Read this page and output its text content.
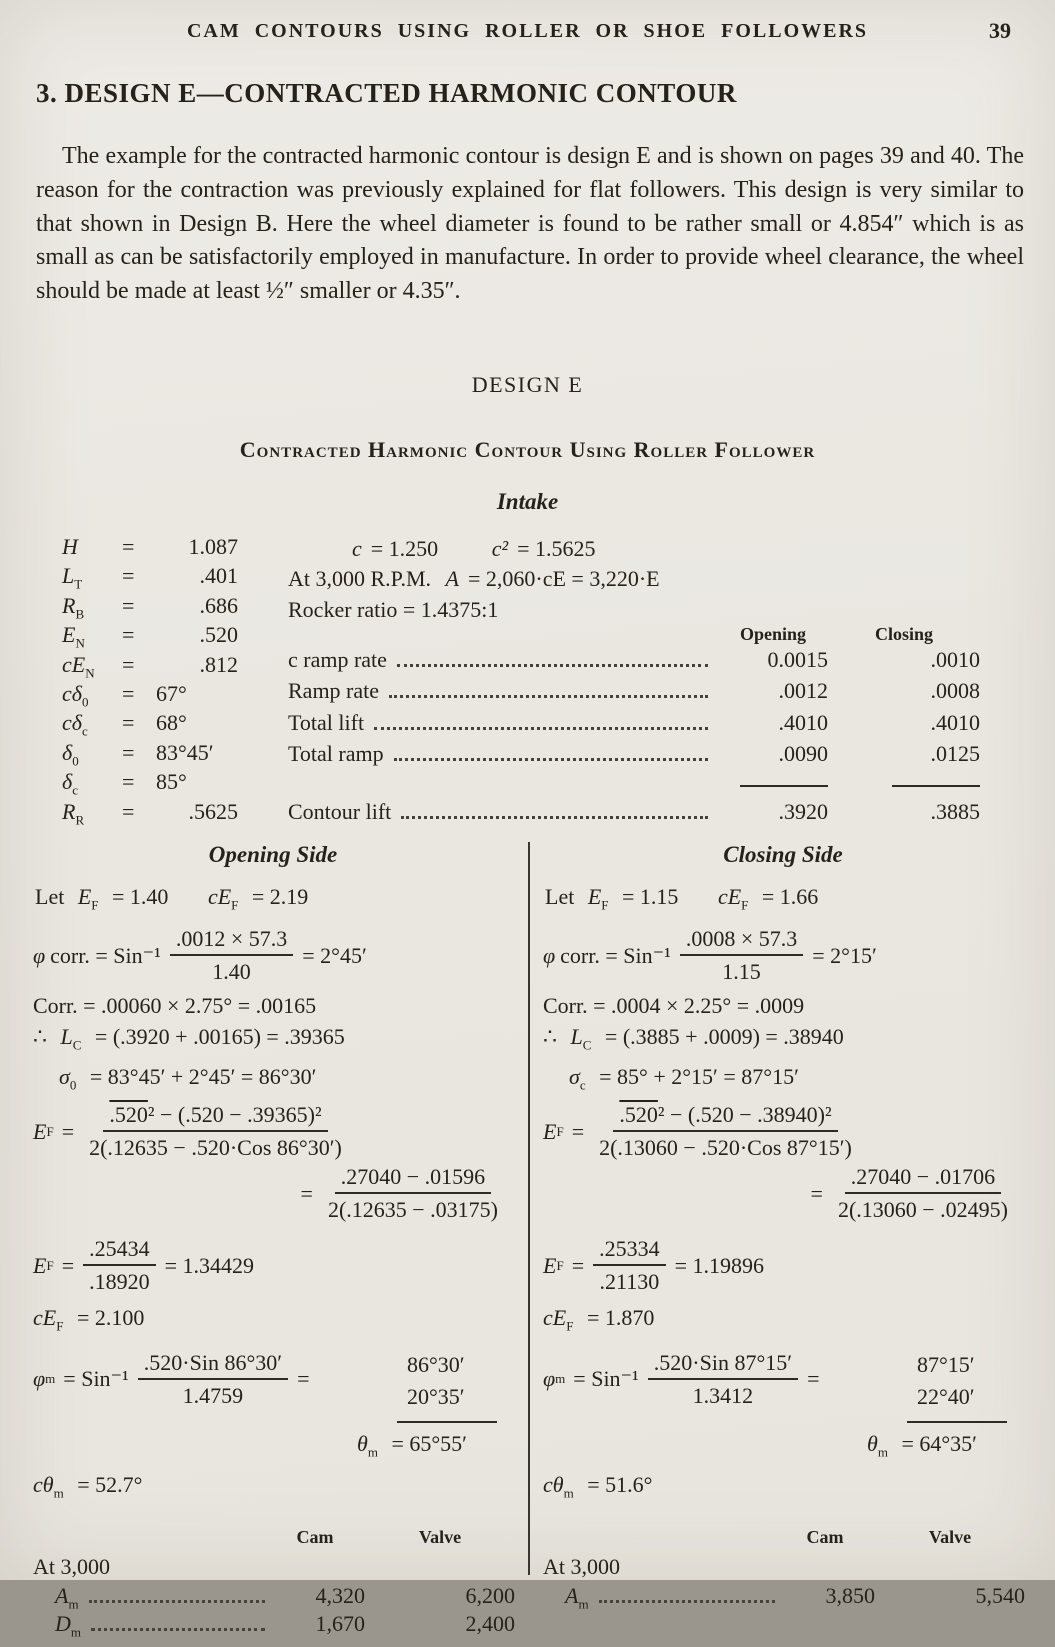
CAM CONTOURS USING ROLLER OR SHOE FOLLOWERS	39
3. DESIGN E—CONTRACTED HARMONIC CONTOUR

The example for the contracted harmonic contour is design E and is shown on pages 39 and 40. The reason for the contraction was previously explained for flat followers. This design is very similar to that shown in Design B. Here the wheel diameter is found to be rather small or 4.854″ which is as small as can be satisfactorily employed in manufacture. In order to provide wheel clearance, the wheel should be made at least ½″ smaller or 4.35″.

DESIGN E
Contracted Harmonic Contour Using Roller Follower
Intake
H	=	1.087
$L_T$	=	.401
$R_B$	=	.686
$E_N$	=	.520
$cE_N$	=	.812
$c\delta_0$	= 67°
$c\delta_c$	= 68°
$\delta_0$	= 83°45′
$\delta_c$	= 85°
$R_R$	=	.5625
c = 1.250 c² = 1.5625
At 3,000 R.P.M. A = 2,060·cE = 3,220·E
Rocker ratio = 1.4375:1
Opening	Closing
c ramp rate	0.0015	.0010
Ramp rate	.0012	.0008
Total lift	.4010	.4010
Total ramp	.0090	.0125
Contour lift	.3920	.3885
Opening Side	Closing Side
Let $E_F = 1.40$ $cE_F = 2.19$
φ corr. = $Sin^{-1} \frac{.0012 \times 57.3}{1.40} = 2^\circ 45'$
Corr. = .00060 × 2.75° = .00165
∴ $L_C = (.3920 + .00165) = .39365$
$\sigma_0 = 83^\circ 45' + 2^\circ 45' = 86^\circ 30'$
E $F = \frac{\text{.520² − (.520 − .39365)²}}{\text{2(.12635 − .520·Cos 86°30′)}}$
= $\frac{.27040 - .01596}{2(.12635 - .03175)}$
E $F = \frac{.25434}{.18920} = 1.34429$
$cE_F = 2.100$
φ $m = Sin^{-1} \frac{\text{.520·Sin 86°30′}}{1.4759}$ =
86°30′
20°35′
$\theta_m = 65^\circ 55'$
$c\theta_m = 52.7^\circ$
Cam	Valve
At 3,000
$A_m$	4,320	6,200
$D_m$	1,670	2,400
Let $E_F = 1.15$ $cE_F = 1.66$
φ corr. = $Sin^{-1} \frac{.0008 \times 57.3}{1.15} = 2^\circ 15'$
Corr. = .0004 × 2.25° = .0009
∴ $L_C = (.3885 + .0009) = .38940$
$\sigma_c = 85^\circ + 2^\circ 15' = 87^\circ 15'$
E $F = \frac{\text{.520² − (.520 − .38940)²}}{\text{2(.13060 − .520·Cos 87°15′)}}$
= $\frac{.27040 - .01706}{2(.13060 - .02495)}$
E $F = \frac{.25334}{.21130} = 1.19896$
$cE_F = 1.870$
φ $m = Sin^{-1} \frac{\text{.520·Sin 87°15′}}{1.3412}$ =
87°15′
22°40′
$\theta_m = 64^\circ 35'$
$c\theta_m = 51.6^\circ$
Cam	Valve
At 3,000
$A_m$	3,850	5,540
